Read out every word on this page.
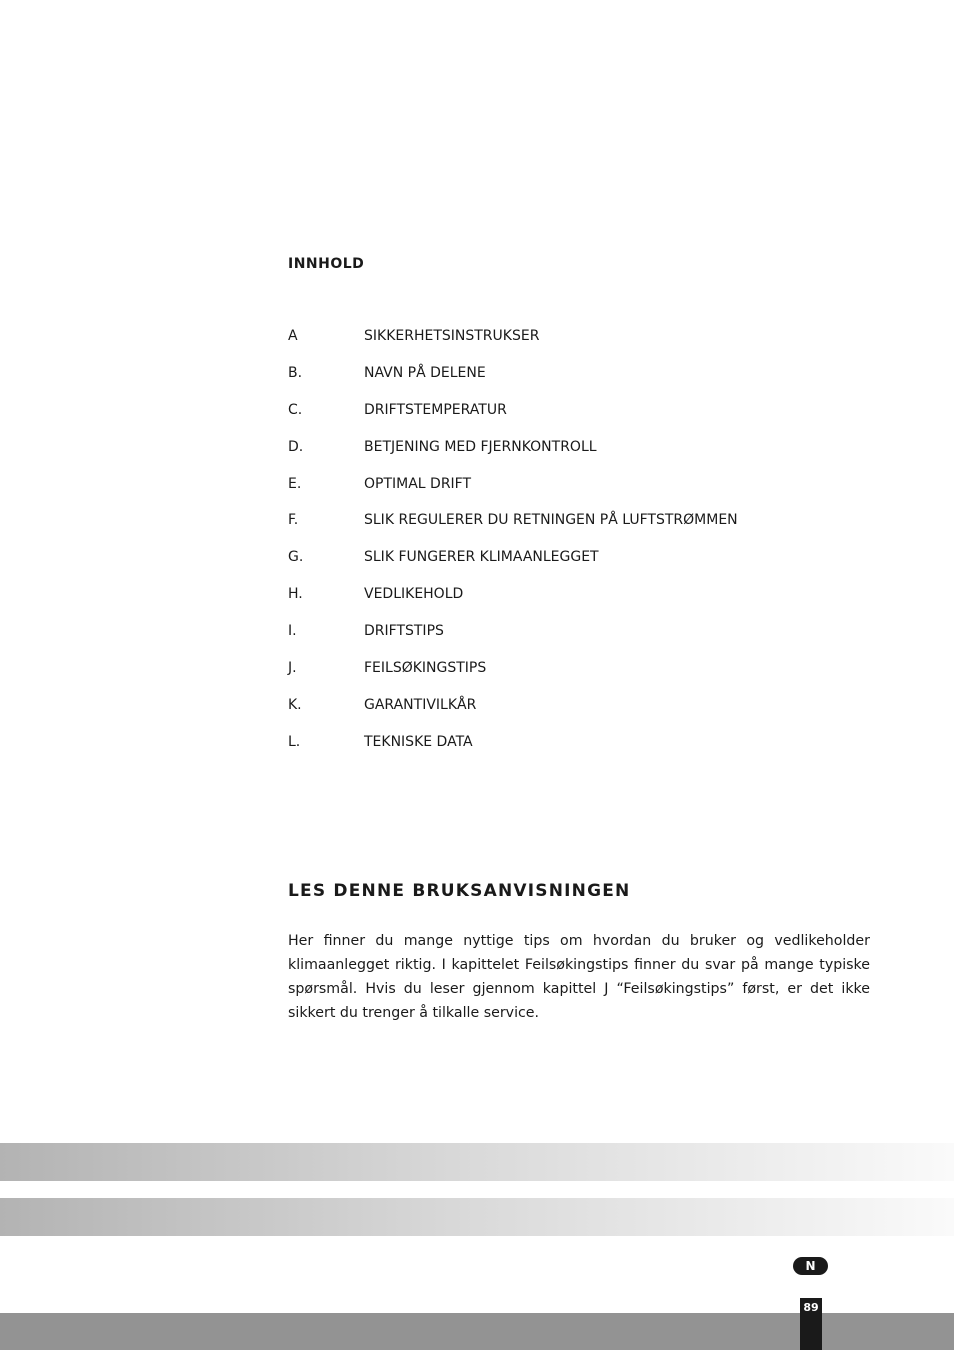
INNHOLD
A	SIKKERHETSINSTRUKSER
B.	NAVN PÅ DELENE
C.	DRIFTSTEMPERATUR
D.	BETJENING MED FJERNKONTROLL
E.	OPTIMAL DRIFT
F.	SLIK REGULERER DU RETNINGEN PÅ LUFTSTRØMMEN
G.	SLIK FUNGERER KLIMAANLEGGET
H.	VEDLIKEHOLD
I.	DRIFTSTIPS
J.	FEILSØKINGSTIPS
K.	GARANTIVILKÅR
L.	TEKNISKE DATA
LES DENNE BRUKSANVISNINGEN

Her finner du mange nyttige tips om hvordan du bruker og vedlikeholder klimaanlegget riktig. I kapittelet Feilsøkingstips finner du svar på mange typiske spørsmål. Hvis du leser gjennom kapittel J “Feilsøkingstips” først, er det ikke sikkert du trenger å tilkalle service.

N
89
